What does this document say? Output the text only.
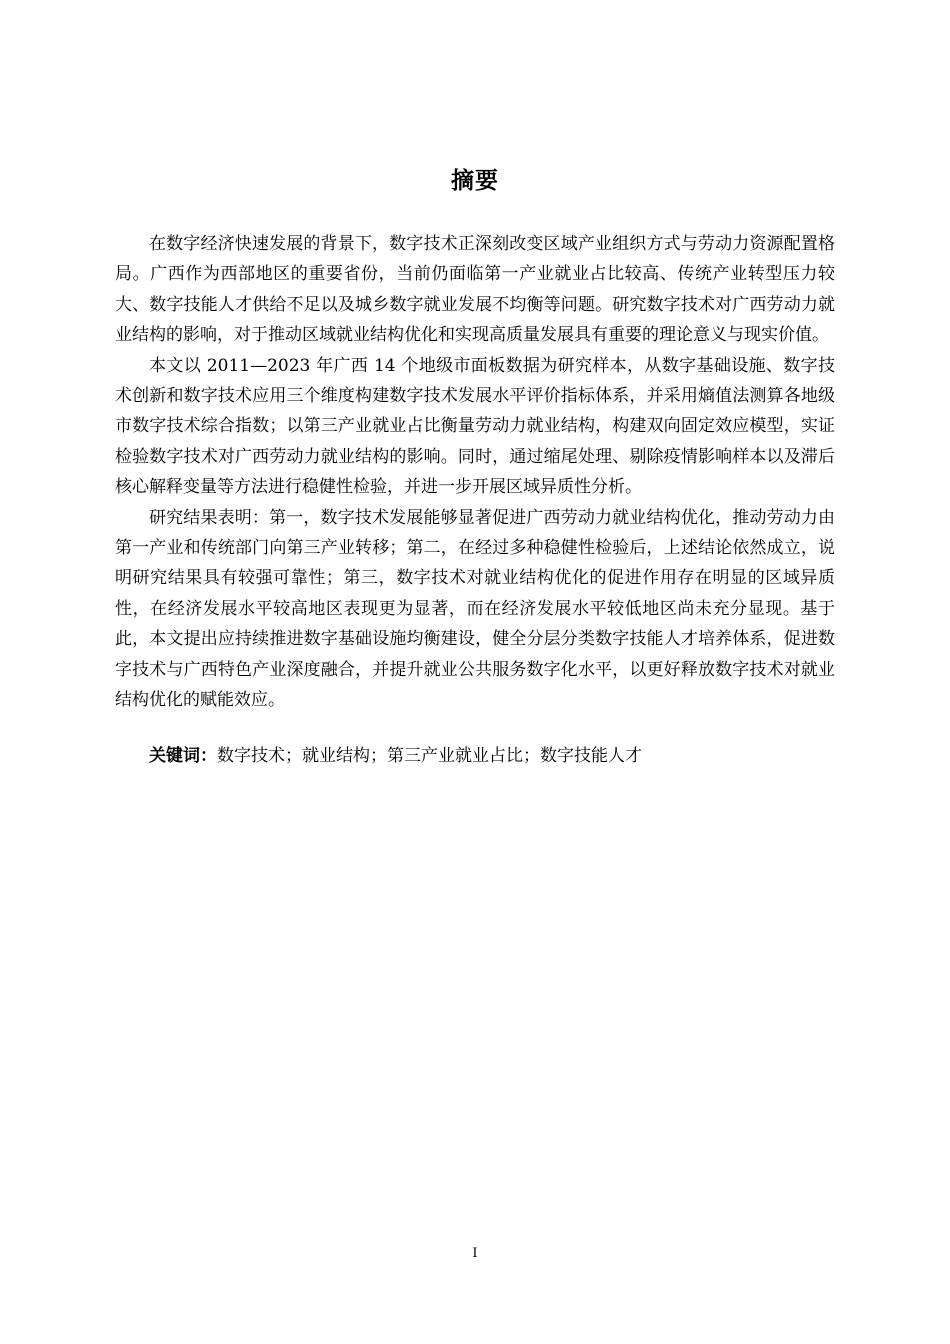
摘要

在数字经济快速发展的背景下，数字技术正深刻改变区域产业组织方式与劳动力资源配置格局。广西作为西部地区的重要省份，当前仍面临第一产业就业占比较高、传统产业转型压力较大、数字技能人才供给不足以及城乡数字就业发展不均衡等问题。研究数字技术对广西劳动力就业结构的影响，对于推动区域就业结构优化和实现高质量发展具有重要的理论意义与现实价值。

本文以 2011—2023 年广西 14 个地级市面板数据为研究样本，从数字基础设施、数字技术创新和数字技术应用三个维度构建数字技术发展水平评价指标体系，并采用熵值法测算各地级市数字技术综合指数；以第三产业就业占比衡量劳动力就业结构，构建双向固定效应模型，实证检验数字技术对广西劳动力就业结构的影响。同时，通过缩尾处理、剔除疫情影响样本以及滞后核心解释变量等方法进行稳健性检验，并进一步开展区域异质性分析。

研究结果表明：第一，数字技术发展能够显著促进广西劳动力就业结构优化，推动劳动力由第一产业和传统部门向第三产业转移；第二，在经过多种稳健性检验后，上述结论依然成立，说明研究结果具有较强可靠性；第三，数字技术对就业结构优化的促进作用存在明显的区域异质性，在经济发展水平较高地区表现更为显著，而在经济发展水平较低地区尚未充分显现。基于此，本文提出应持续推进数字基础设施均衡建设，健全分层分类数字技能人才培养体系，促进数字技术与广西特色产业深度融合，并提升就业公共服务数字化水平，以更好释放数字技术对就业结构优化的赋能效应。

关键词：数字技术；就业结构；第三产业就业占比；数字技能人才

I
